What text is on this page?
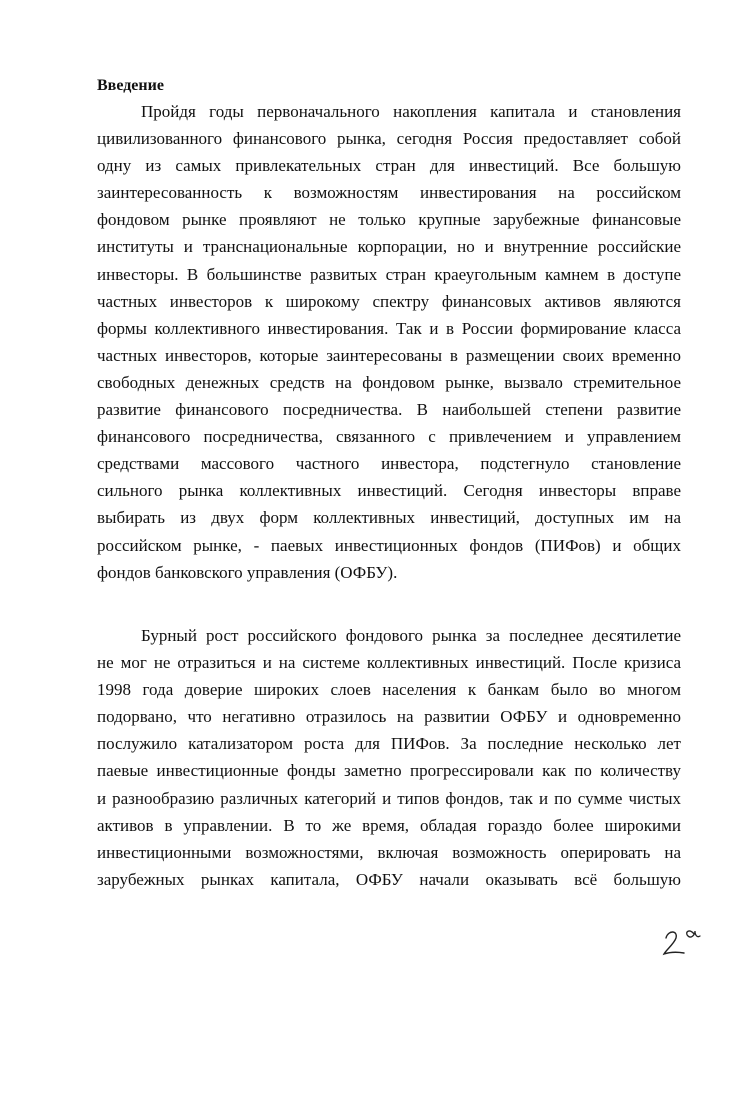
Введение
Пройдя годы первоначального накопления капитала и становления
цивилизованного финансового рынка, сегодня Россия предоставляет собой
одну из самых привлекательных стран для инвестиций. Все большую
заинтересованность к возможностям инвестирования на российском
фондовом рынке проявляют не только крупные зарубежные финансовые
институты и транснациональные корпорации, но и внутренние российские
инвесторы. В большинстве развитых стран краеугольным камнем в доступе
частных инвесторов к широкому спектру финансовых активов являются
формы коллективного инвестирования. Так и в России формирование класса
частных инвесторов, которые заинтересованы в размещении своих временно
свободных денежных средств на фондовом рынке, вызвало стремительное
развитие финансового посредничества. В наибольшей степени развитие
финансового посредничества, связанного с привлечением и управлением
средствами массового частного инвестора, подстегнуло становление
сильного рынка коллективных инвестиций. Сегодня инвесторы вправе
выбирать из двух форм коллективных инвестиций, доступных им на
российском рынке, - паевых инвестиционных фондов (ПИФов) и общих
фондов банковского управления (ОФБУ).
Бурный рост российского фондового рынка за последнее десятилетие
не мог не отразиться и на системе коллективных инвестиций. После кризиса
1998 года доверие широких слоев населения к банкам было во многом
подорвано, что негативно отразилось на развитии ОФБУ и одновременно
послужило катализатором роста для ПИФов. За последние несколько лет
паевые инвестиционные фонды заметно прогрессировали как по количеству
и разнообразию различных категорий и типов фондов, так и по сумме чистых
активов в управлении. В то же время, обладая гораздо более широкими
инвестиционными возможностями, включая возможность оперировать на
зарубежных рынках капитала, ОФБУ начали оказывать всё большую
